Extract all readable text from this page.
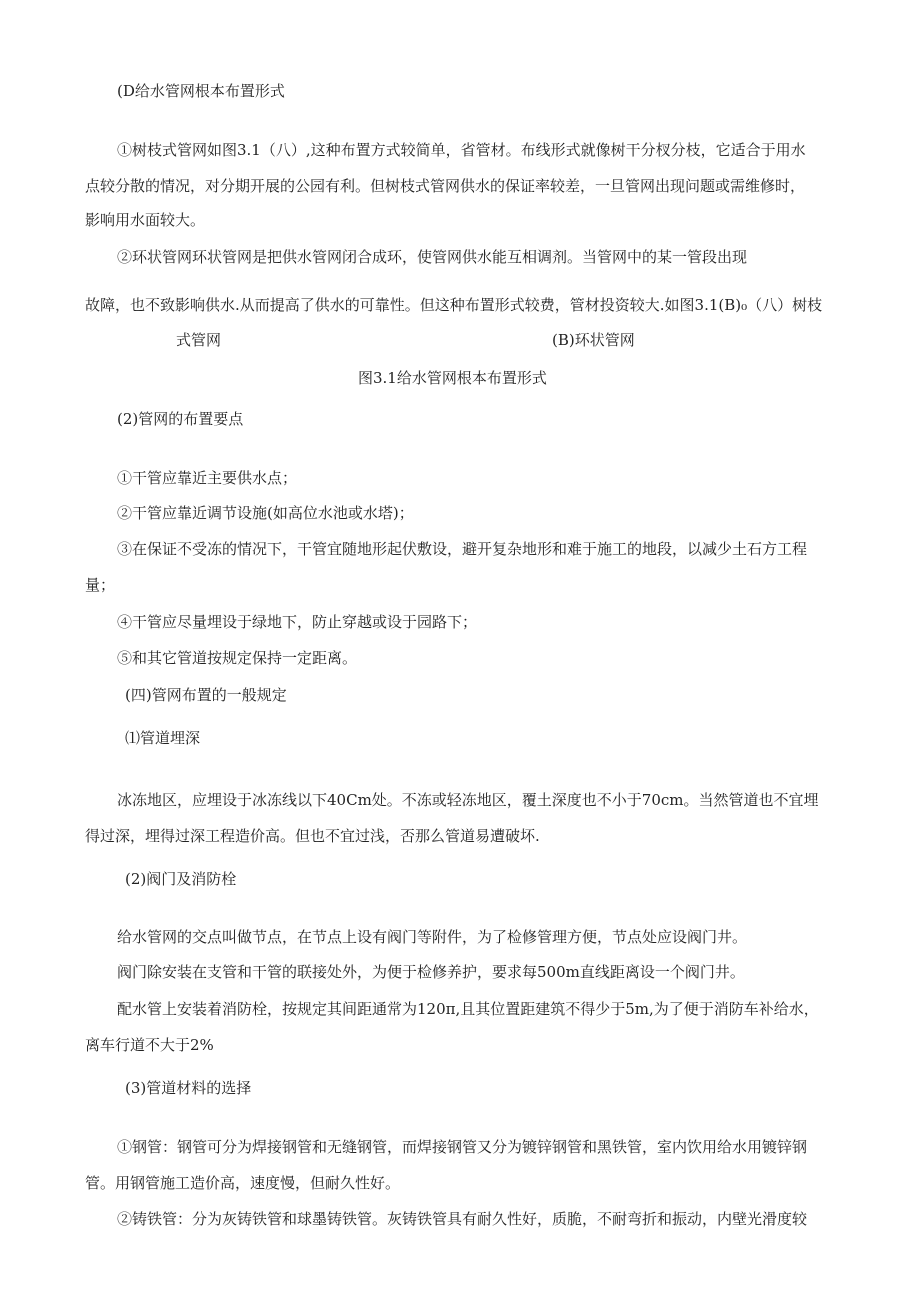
(D给水管网根本布置形式

①树枝式管网如图3.1（八）,这种布置方式较简单，省管材。布线形式就像树干分杈分枝，它适合于用水

点较分散的情况，对分期开展的公园有利。但树枝式管网供水的保证率较差，一旦管网出现问题或需维修时，

影响用水面较大。

②环状管网环状管网是把供水管网闭合成环，使管网供水能互相调剂。当管网中的某一管段出现

故障，也不致影响供水.从而提高了供水的可靠性。但这种布置形式较费，管材投资较大.如图3.1(B)₀（八）树枝

式管网	(B)环状管网

图3.1给水管网根本布置形式

(2)管网的布置要点

①干管应靠近主要供水点；

②干管应靠近调节设施(如高位水池或水塔)；

③在保证不受冻的情况下，干管宜随地形起伏敷设，避开复杂地形和难于施工的地段，以减少土石方工程

量；

④干管应尽量埋设于绿地下，防止穿越或设于园路下；

⑤和其它管道按规定保持一定距离。

(四)管网布置的一般规定

⑴管道埋深

冰冻地区，应埋设于冰冻线以下40Cm处。不冻或轻冻地区，覆土深度也不小于70cm。当然管道也不宜埋

得过深，埋得过深工程造价高。但也不宜过浅，否那么管道易遭破坏.

(2)阀门及消防栓

给水管网的交点叫做节点，在节点上设有阀门等附件，为了检修管理方便，节点处应设阀门井。

阀门除安装在支管和干管的联接处外，为便于检修养护，要求每500m直线距离设一个阀门井。

配水管上安装着消防栓，按规定其间距通常为120π,且其位置距建筑不得少于5m,为了便于消防车补给水，

离车行道不大于2%

(3)管道材料的选择

①钢管：钢管可分为焊接钢管和无缝钢管，而焊接钢管又分为镀锌钢管和黑铁管，室内饮用给水用镀锌钢

管。用钢管施工造价高，速度慢，但耐久性好。

②铸铁管：分为灰铸铁管和球墨铸铁管。灰铸铁管具有耐久性好，质脆，不耐弯折和振动，内壁光滑度较
